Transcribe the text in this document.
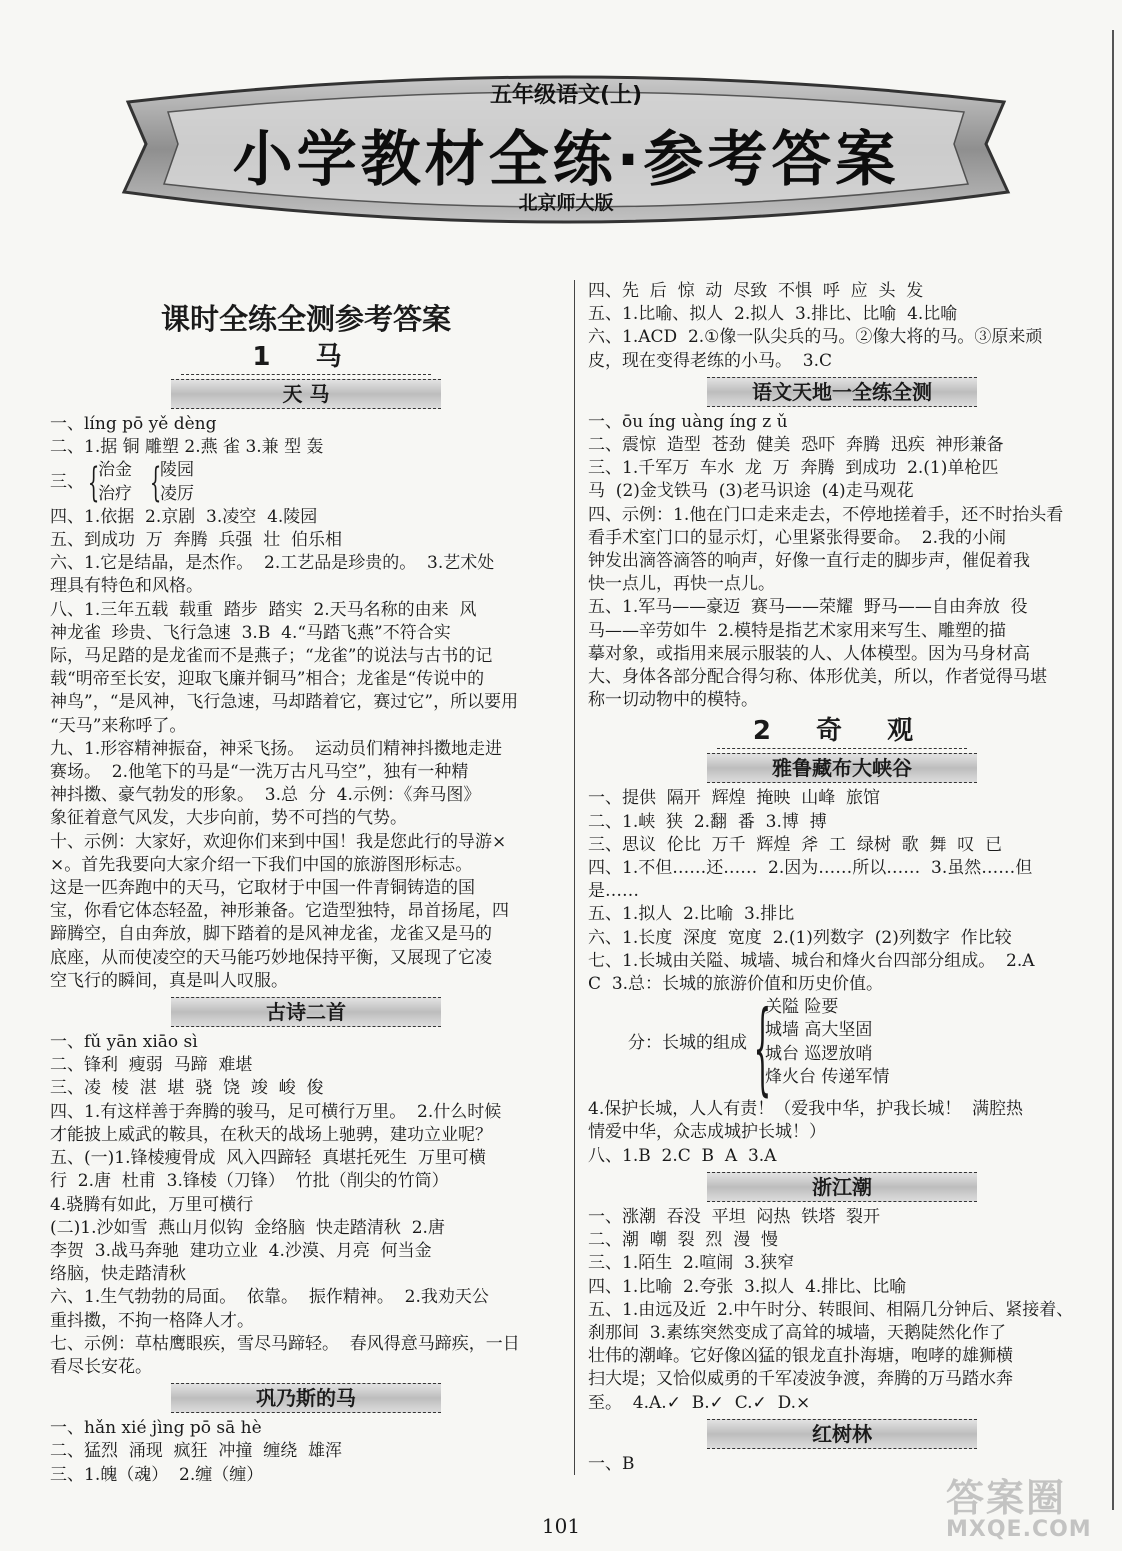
五年级语文(上)
小学教材全练·参考答案
北京师大版
课时全练全测参考答案
1 马
天 马
一、líng pō yě dèng
二、1.据 铜 雕塑 2.燕 雀 3.兼 型 轰
三、 {
治金
治疗 {
陵园
凌厉
四、1.依据  2.京剧  3.凌空  4.陵园
五、到成功  万  奔腾  兵强  壮  伯乐相
六、1.它是结晶，是杰作。  2.工艺品是珍贵的。  3.艺术处
理具有特色和风格。
八、1.三年五载  载重  踏步  踏实  2.天马名称的由来  风
神龙雀  珍贵、飞行急速  3.B  4.“马踏飞燕”不符合实
际，马足踏的是龙雀而不是燕子；“龙雀”的说法与古书的记
载“明帝至长安，迎取飞廉并铜马”相合；龙雀是“传说中的
神鸟”，“是风神，飞行急速，马却踏着它，赛过它”，所以要用
“天马”来称呼了。
九、1.形容精神振奋，神采飞扬。  运动员们精神抖擞地走进
赛场。  2.他笔下的马是“一洗万古凡马空”，独有一种精
神抖擞、豪气勃发的形象。  3.总  分  4.示例：《奔马图》
象征着意气风发，大步向前，势不可挡的气势。
十、示例：大家好，欢迎你们来到中国！我是您此行的导游×
×。首先我要向大家介绍一下我们中国的旅游图形标志。
这是一匹奔跑中的天马，它取材于中国一件青铜铸造的国
宝，你看它体态轻盈，神形兼备。它造型独特，昂首扬尾，四
蹄腾空，自由奔放，脚下踏着的是风神龙雀，龙雀又是马的
底座，从而使凌空的天马能巧妙地保持平衡，又展现了它凌
空飞行的瞬间，真是叫人叹服。
古诗二首
一、fǔ yān xiāo sì
二、锋利  瘦弱  马蹄  难堪
三、凌  棱  湛  堪  骁  饶  竣  峻  俊
四、1.有这样善于奔腾的骏马，足可横行万里。  2.什么时候
才能披上威武的鞍具，在秋天的战场上驰骋，建功立业呢？
五、(一)1.锋棱瘦骨成  风入四蹄轻  真堪托死生  万里可横
行  2.唐  杜甫  3.锋棱（刀锋）  竹批（削尖的竹筒）
4.骁腾有如此，万里可横行
(二)1.沙如雪  燕山月似钩  金络脑  快走踏清秋  2.唐
李贺  3.战马奔驰  建功立业  4.沙漠、月亮  何当金
络脑，快走踏清秋
六、1.生气勃勃的局面。  依靠。  振作精神。  2.我劝天公
重抖擞，不拘一格降人才。
七、示例：草枯鹰眼疾，雪尽马蹄轻。  春风得意马蹄疾，一日
看尽长安花。
巩乃斯的马
一、hǎn xié jìng pō sā hè
二、猛烈  涌现  疯狂  冲撞  缠绕  雄浑
三、1.魄（魂）  2.缠（缠）
四、先  后  惊  动  尽致  不惧  呼  应  头  发
五、1.比喻、拟人  2.拟人  3.排比、比喻  4.比喻
六、1.ACD  2.①像一队尖兵的马。②像大将的马。③原来顽
皮，现在变得老练的小马。  3.C
语文天地一全练全测
一、ōu íng uàng íng z ǔ
二、震惊  造型  苍劲  健美  恐吓  奔腾  迅疾  神形兼备
三、1.千军万  车水  龙  万  奔腾  到成功  2.(1)单枪匹
马  (2)金戈铁马  (3)老马识途  (4)走马观花
四、示例：1.他在门口走来走去，不停地搓着手，还不时抬头看
看手术室门口的显示灯，心里紧张得要命。  2.我的小闹
钟发出滴答滴答的响声，好像一直行走的脚步声，催促着我
快一点儿，再快一点儿。
五、1.军马——豪迈  赛马——荣耀  野马——自由奔放  役
马——辛劳如牛  2.模特是指艺术家用来写生、雕塑的描
摹对象，或指用来展示服装的人、人体模型。因为马身材高
大、身体各部分配合得匀称、体形优美，所以，作者觉得马堪
称一切动物中的模特。
2 奇 观
雅鲁藏布大峡谷
一、提供  隔开  辉煌  掩映  山峰  旅馆
二、1.峡  狭  2.翻  番  3.博  搏
三、思议  伦比  万千  辉煌  斧  工  绿树  歌  舞  叹  已
四、1.不但……还……  2.因为……所以……  3.虽然……但
是……
五、1.拟人  2.比喻  3.排比
六、1.长度  深度  宽度  2.(1)列数字  (2)列数字  作比较
七、1.长城由关隘、城墙、城台和烽火台四部分组成。  2.A
C  3.总：长城的旅游价值和历史价值。
分：长城的组成 {
关隘 险要
城墙 高大坚固
城台 巡逻放哨
烽火台 传递军情
4.保护长城，人人有责！（爱我中华，护我长城！  满腔热
情爱中华，众志成城护长城！）
八、1.B  2.C  B  A  3.A
浙江潮
一、涨潮  吞没  平坦  闷热  铁塔  裂开
二、潮  嘲  裂  烈  漫  慢
三、1.陌生  2.喧闹  3.狭窄
四、1.比喻  2.夸张  3.拟人  4.排比、比喻
五、1.由远及近  2.中午时分、转眼间、相隔几分钟后、紧接着、
刹那间  3.素练突然变成了高耸的城墙，天鹅陡然化作了
壮伟的潮峰。它好像凶猛的银龙直扑海塘，咆哮的雄狮横
扫大堤；又恰似威勇的千军凌波争渡，奔腾的万马踏水奔
至。  4.A.✓  B.✓  C.✓  D.×
红树林
一、B
101
答案圈
MXQE.COM
